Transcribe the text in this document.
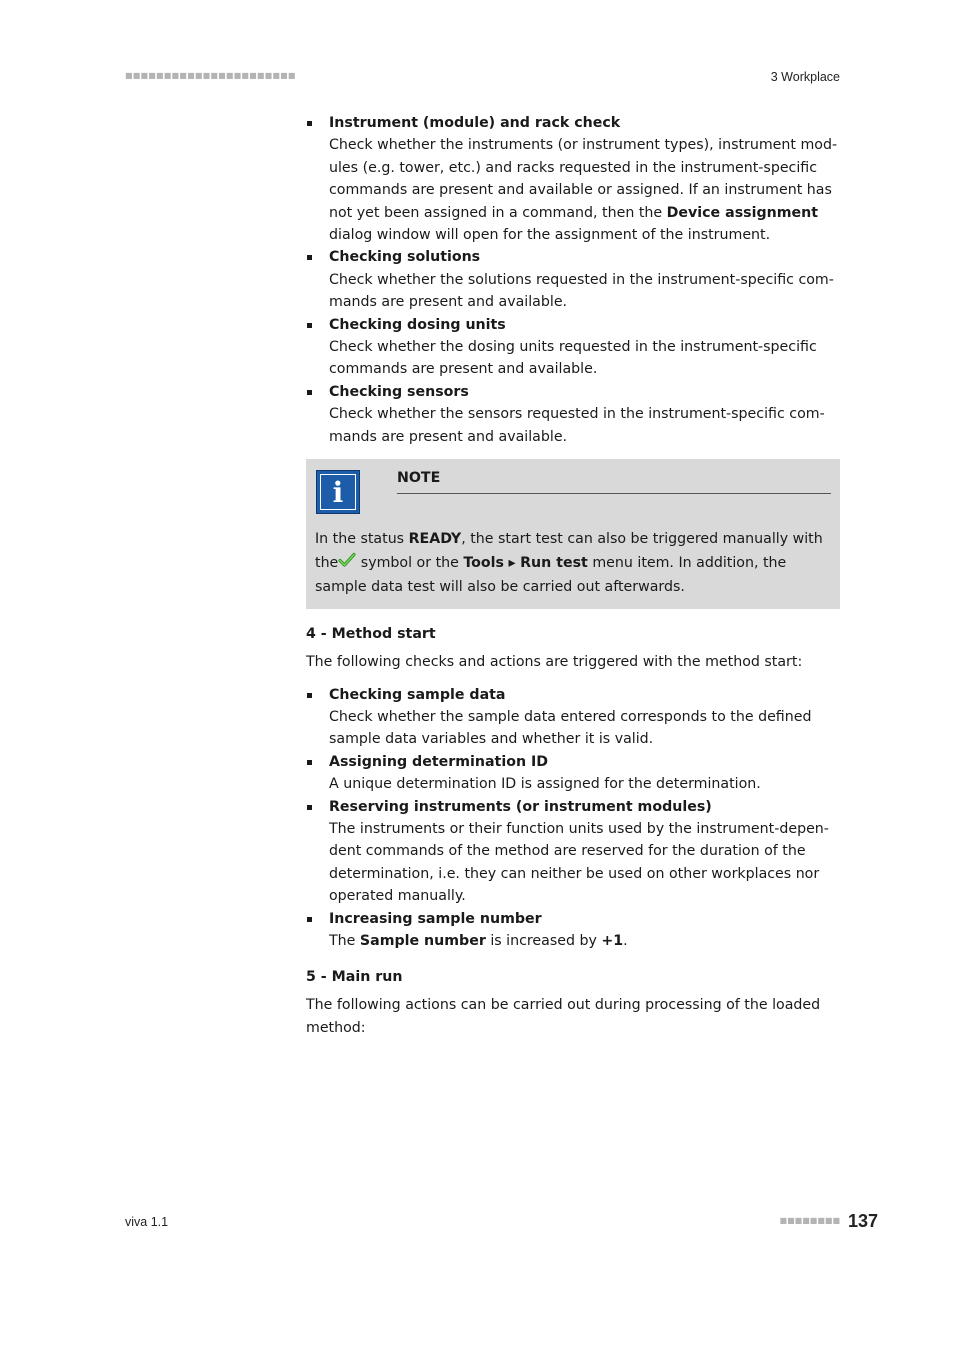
■■■■■■■■■■■■■■■■■■■■■■	3 Workplace
Instrument (module) and rack check
Check whether the instruments (or instrument types), instrument mod-ules (e.g. tower, etc.) and racks requested in the instrument-specific commands are present and available or assigned. If an instrument has not yet been assigned in a command, then the Device assignment dialog window will open for the assignment of the instrument.
Checking solutions
Check whether the solutions requested in the instrument-specific com-mands are present and available.
Checking dosing units
Check whether the dosing units requested in the instrument-specific commands are present and available.
Checking sensors
Check whether the sensors requested in the instrument-specific com-mands are present and available.
i	NOTE
In the status READY, the start test can also be triggered manually with the symbol or the Tools ▸ Run test menu item. In addition, the sample data test will also be carried out afterwards.
4 - Method start

The following checks and actions are triggered with the method start:

Checking sample data
Check whether the sample data entered corresponds to the defined sample data variables and whether it is valid.
Assigning determination ID
A unique determination ID is assigned for the determination.
Reserving instruments (or instrument modules)
The instruments or their function units used by the instrument-depen-dent commands of the method are reserved for the duration of the determination, i.e. they can neither be used on other workplaces nor operated manually.
Increasing sample number
The Sample number is increased by +1.
5 - Main run

The following actions can be carried out during processing of the loaded method:

viva 1.1	■■■■■■■■ 137
